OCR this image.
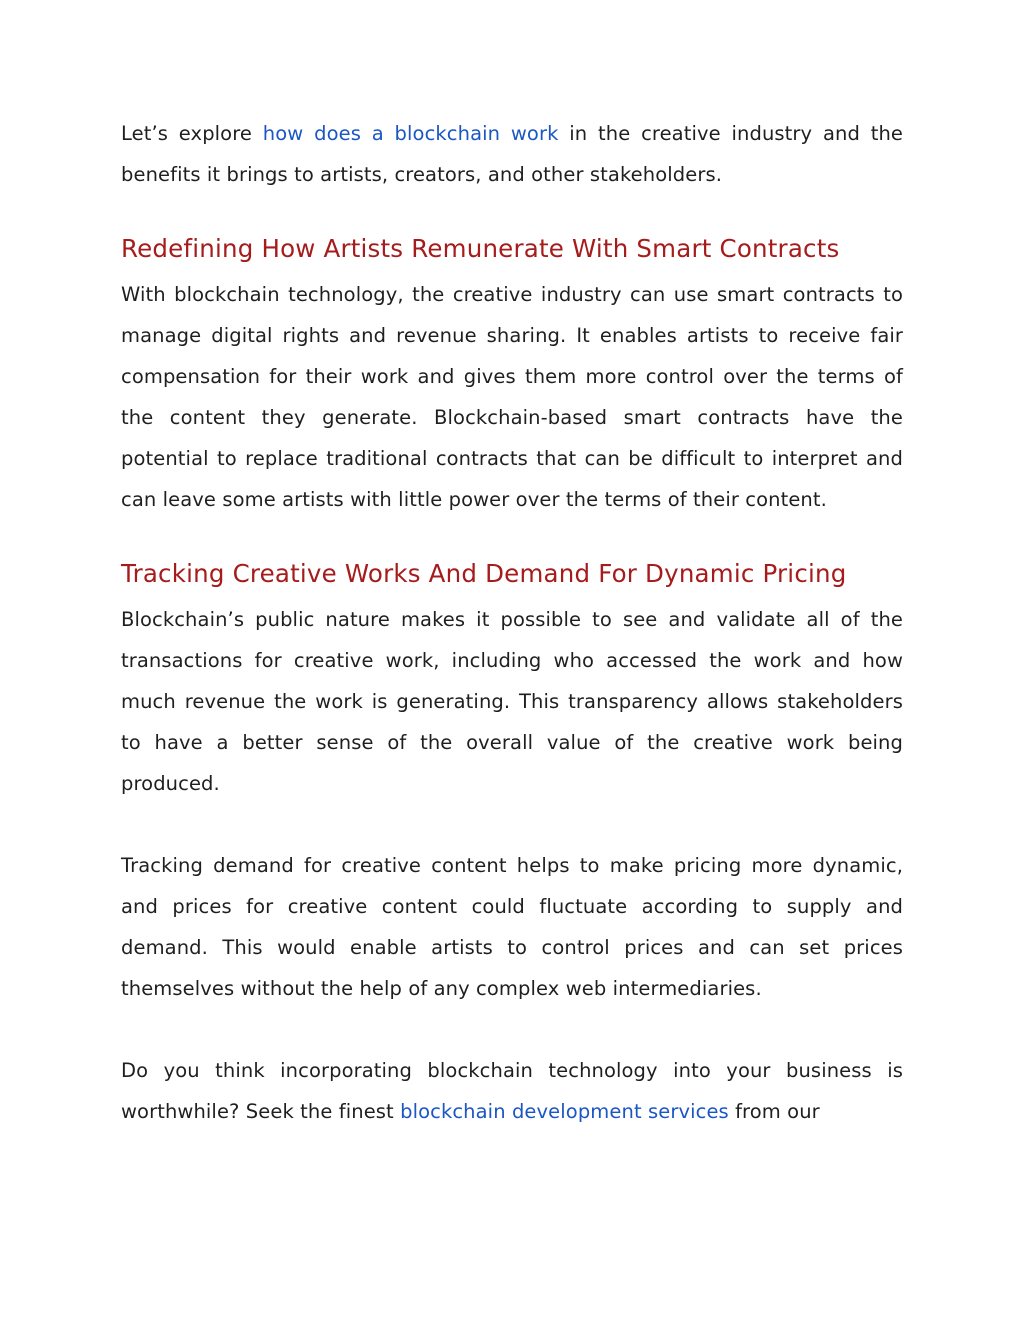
Let’s explore how does a blockchain work in the creative industry and the benefits it brings to artists, creators, and other stakeholders.

Redefining How Artists Remunerate With Smart Contracts

With blockchain technology, the creative industry can use smart contracts to manage digital rights and revenue sharing. It enables artists to receive fair compensation for their work and gives them more control over the terms of the content they generate. Blockchain-based smart contracts have the potential to replace traditional contracts that can be difficult to interpret and can leave some artists with little power over the terms of their content.

Tracking Creative Works And Demand For Dynamic Pricing

Blockchain’s public nature makes it possible to see and validate all of the transactions for creative work, including who accessed the work and how much revenue the work is generating. This transparency allows stakeholders to have a better sense of the overall value of the creative work being produced.

Tracking demand for creative content helps to make pricing more dynamic, and prices for creative content could fluctuate according to supply and demand. This would enable artists to control prices and can set prices themselves without the help of any complex web intermediaries.

Do you think incorporating blockchain technology into your business is worthwhile? Seek the finest blockchain development services from our
